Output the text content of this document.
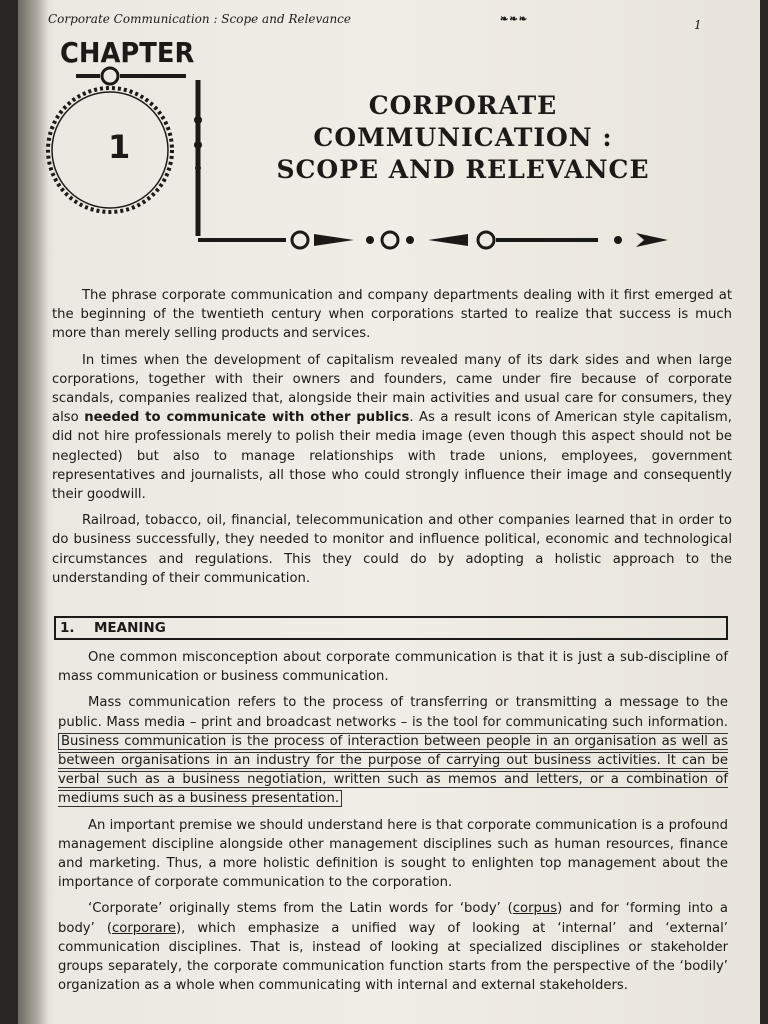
Corporate Communication : Scope and Relevance	❧❧❧	1
CHAPTER
1
CORPORATE
COMMUNICATION :
SCOPE AND RELEVANCE

The phrase corporate communication and company departments dealing with it first emerged at the beginning of the twentieth century when corporations started to realize that success is much more than merely selling products and services.

In times when the development of capitalism revealed many of its dark sides and when large corporations, together with their owners and founders, came under fire because of corporate scandals, companies realized that, alongside their main activities and usual care for consumers, they also needed to communicate with other publics. As a result icons of American style capitalism, did not hire professionals merely to polish their media image (even though this aspect should not be neglected) but also to manage relationships with trade unions, employees, government representatives and journalists, all those who could strongly influence their image and consequently their goodwill.

Railroad, tobacco, oil, financial, telecommunication and other companies learned that in order to do business successfully, they needed to monitor and influence political, economic and technological circumstances and regulations. This they could do by adopting a holistic approach to the understanding of their communication.

1. MEANING

One common misconception about corporate communication is that it is just a sub-discipline of mass communication or business communication.

Mass communication refers to the process of transferring or transmitting a message to the public. Mass media – print and broadcast networks – is the tool for communicating such information. Business communication is the process of interaction between people in an organisation as well as between organisations in an industry for the purpose of carrying out business activities. It can be verbal such as a business negotiation, written such as memos and letters, or a combination of mediums such as a business presentation.

An important premise we should understand here is that corporate communication is a profound management discipline alongside other management disciplines such as human resources, finance and marketing. Thus, a more holistic definition is sought to enlighten top management about the importance of corporate communication to the corporation.

‘Corporate’ originally stems from the Latin words for ‘body’ (corpus) and for ‘forming into a body’ (corporare), which emphasize a unified way of looking at ‘internal’ and ‘external’ communication disciplines. That is, instead of looking at specialized disciplines or stakeholder groups separately, the corporate communication function starts from the perspective of the ‘bodily’ organization as a whole when communicating with internal and external stakeholders.
